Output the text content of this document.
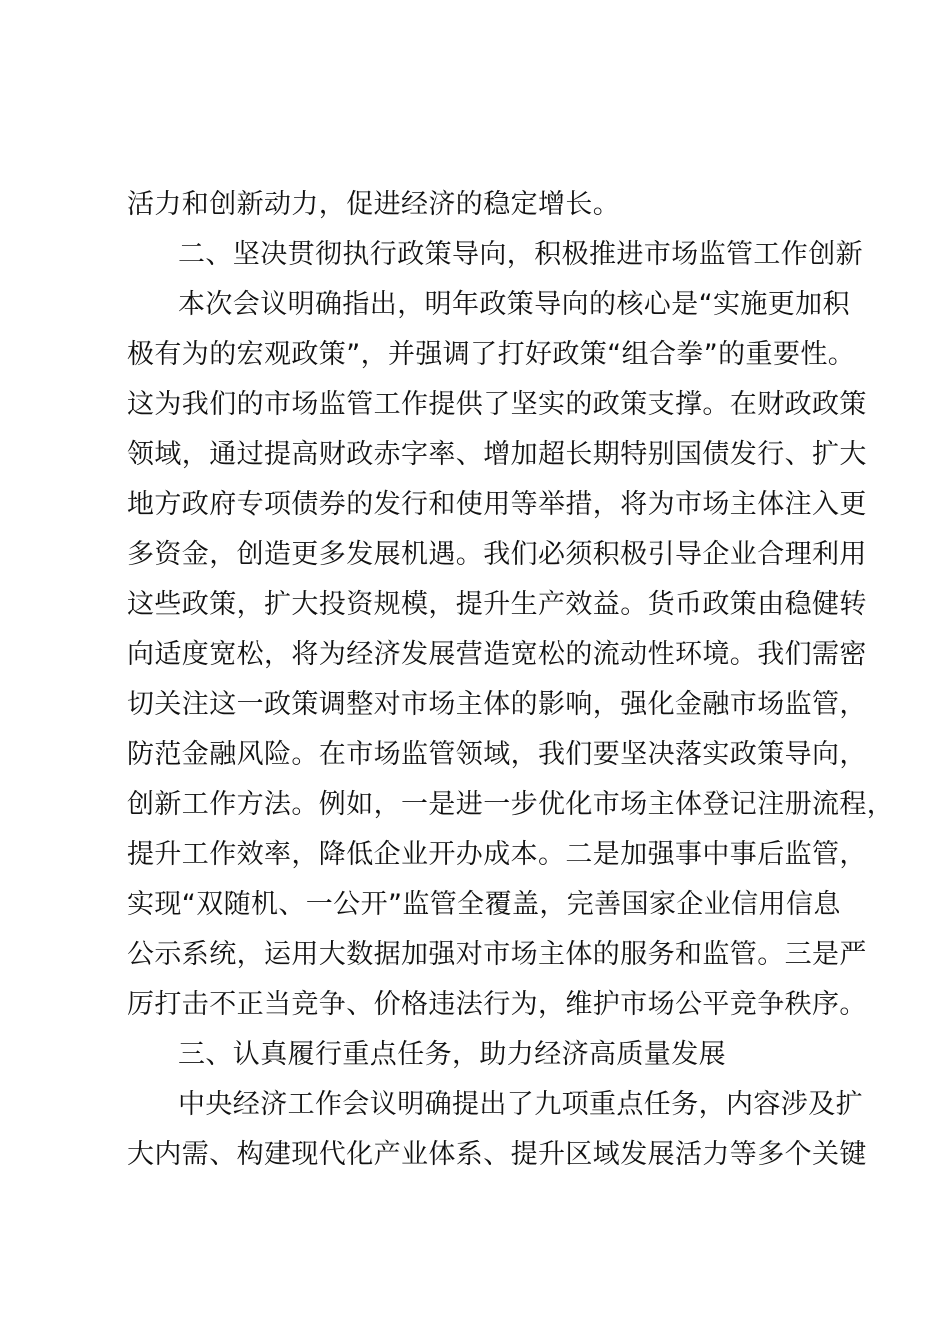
活力和创新动力，促进经济的稳定增长。
二、坚决贯彻执行政策导向，积极推进市场监管工作创新
本次会议明确指出，明年政策导向的核心是“实施更加积
极有为的宏观政策”，并强调了打好政策“组合拳”的重要性。
这为我们的市场监管工作提供了坚实的政策支撑。在财政政策
领域，通过提高财政赤字率、增加超长期特别国债发行、扩大
地方政府专项债券的发行和使用等举措，将为市场主体注入更
多资金，创造更多发展机遇。我们必须积极引导企业合理利用
这些政策，扩大投资规模，提升生产效益。货币政策由稳健转
向适度宽松，将为经济发展营造宽松的流动性环境。我们需密
切关注这一政策调整对市场主体的影响，强化金融市场监管，
防范金融风险。在市场监管领域，我们要坚决落实政策导向，
创新工作方法。例如，一是进一步优化市场主体登记注册流程，
提升工作效率，降低企业开办成本。二是加强事中事后监管，
实现“双随机、一公开”监管全覆盖，完善国家企业信用信息
公示系统，运用大数据加强对市场主体的服务和监管。三是严
厉打击不正当竞争、价格违法行为，维护市场公平竞争秩序。
三、认真履行重点任务，助力经济高质量发展
中央经济工作会议明确提出了九项重点任务，内容涉及扩
大内需、构建现代化产业体系、提升区域发展活力等多个关键
